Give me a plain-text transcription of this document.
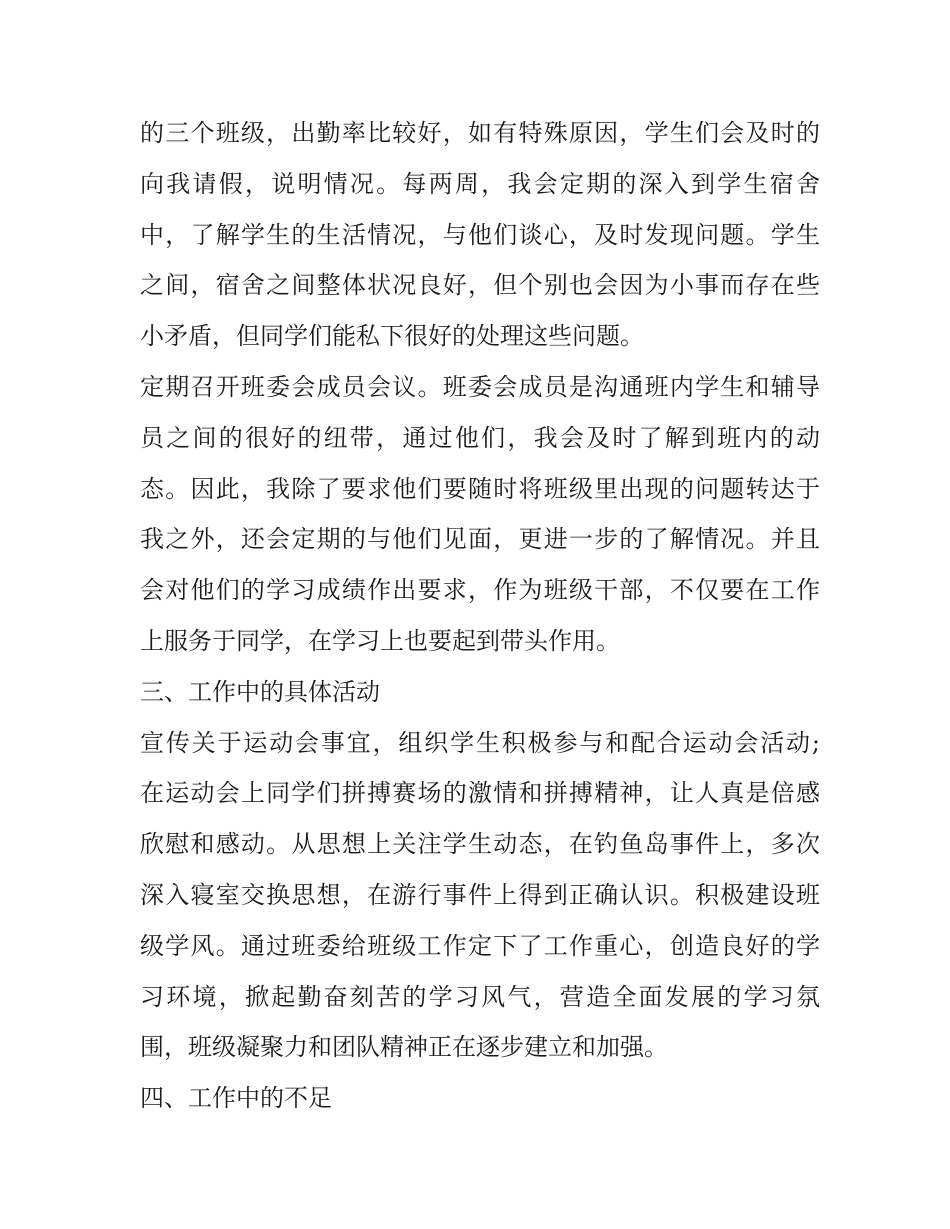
的三个班级，出勤率比较好，如有特殊原因，学生们会及时的
向我请假，说明情况。每两周，我会定期的深入到学生宿舍
中，了解学生的生活情况，与他们谈心，及时发现问题。学生
之间，宿舍之间整体状况良好，但个别也会因为小事而存在些
小矛盾，但同学们能私下很好的处理这些问题。
定期召开班委会成员会议。班委会成员是沟通班内学生和辅导
员之间的很好的纽带，通过他们，我会及时了解到班内的动
态。因此，我除了要求他们要随时将班级里出现的问题转达于
我之外，还会定期的与他们见面，更进一步的了解情况。并且
会对他们的学习成绩作出要求，作为班级干部，不仅要在工作
上服务于同学，在学习上也要起到带头作用。
三、工作中的具体活动
宣传关于运动会事宜，组织学生积极参与和配合运动会活动;
在运动会上同学们拼搏赛场的激情和拼搏精神，让人真是倍感
欣慰和感动。从思想上关注学生动态，在钓鱼岛事件上，多次
深入寝室交换思想，在游行事件上得到正确认识。积极建设班
级学风。通过班委给班级工作定下了工作重心，创造良好的学
习环境，掀起勤奋刻苦的学习风气，营造全面发展的学习氛
围，班级凝聚力和团队精神正在逐步建立和加强。
四、工作中的不足
